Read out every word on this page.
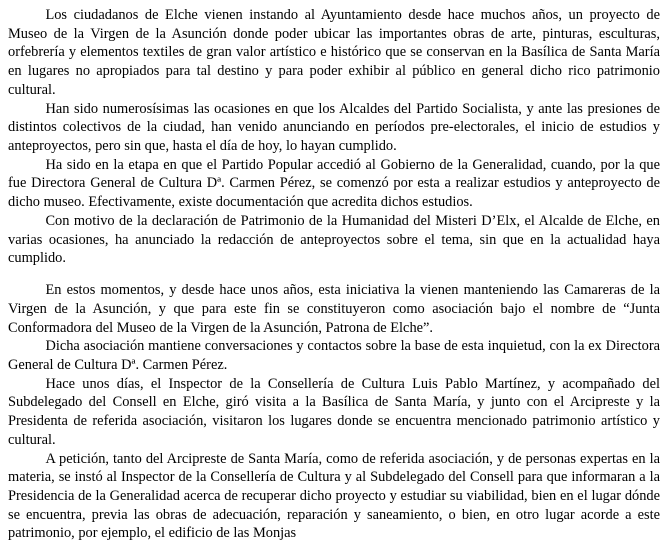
Los ciudadanos de Elche vienen instando al Ayuntamiento desde hace muchos años, un proyecto de Museo de la Virgen de la Asunción donde poder ubicar las importantes obras de arte, pinturas, esculturas, orfebrería y elementos textiles de gran valor artístico e histórico que se conservan en la Basílica de Santa María en lugares no apropiados para tal destino y para poder exhibir al público en general dicho rico patrimonio cultural.

Han sido numerosísimas las ocasiones en que los Alcaldes del Partido Socialista, y ante las presiones de distintos colectivos de la ciudad, han venido anunciando en períodos pre-electorales, el inicio de estudios y anteproyectos, pero sin que, hasta el día de hoy, lo hayan cumplido.

Ha sido en la etapa en que el Partido Popular accedió al Gobierno de la Generalidad, cuando, por la que fue Directora General de Cultura Dª. Carmen Pérez, se comenzó por esta a realizar estudios y anteproyecto de dicho museo. Efectivamente, existe documentación que acredita dichos estudios.

Con motivo de la declaración de Patrimonio de la Humanidad del Misteri D’Elx, el Alcalde de Elche, en varias ocasiones, ha anunciado la redacción de anteproyectos sobre el tema, sin que en la actualidad haya cumplido.

En estos momentos, y desde hace unos años, esta iniciativa la vienen manteniendo las Camareras de la Virgen de la Asunción, y que para este fin se constituyeron como asociación bajo el nombre de “Junta Conformadora del Museo de la Virgen de la Asunción, Patrona de Elche”.

Dicha asociación mantiene conversaciones y contactos sobre la base de esta inquietud, con la ex Directora General de Cultura Dª. Carmen Pérez.

Hace unos días, el Inspector de la Consellería de Cultura Luis Pablo Martínez, y acompañado del Subdelegado del Consell en Elche, giró visita a la Basílica de Santa María, y junto con el Arcipreste y la Presidenta de referida asociación, visitaron los lugares donde se encuentra mencionado patrimonio artístico y cultural.

A petición, tanto del Arcipreste de Santa María, como de referida asociación, y de personas expertas en la materia, se instó al Inspector de la Consellería de Cultura y al Subdelegado del Consell para que informaran a la Presidencia de la Generalidad acerca de recuperar dicho proyecto y estudiar su viabilidad, bien en el lugar dónde se encuentra, previa las obras de adecuación, reparación y saneamiento, o bien, en otro lugar acorde a este patrimonio, por ejemplo, el edificio de las Monjas
